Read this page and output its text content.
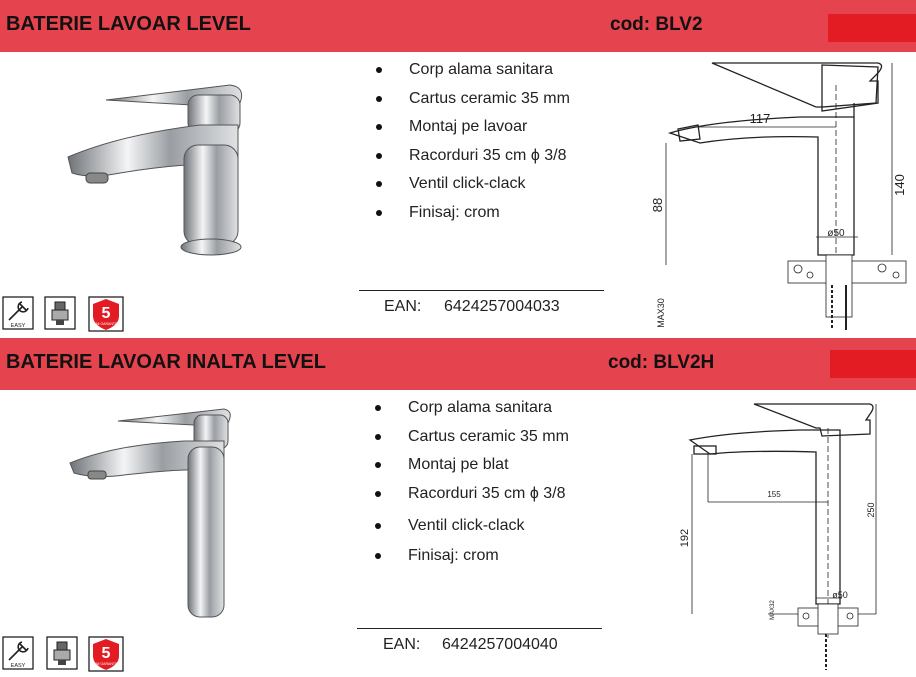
BATERIE LAVOAR LEVEL	cod: BLV2
EASY
5
ANI GARANTIE
Corp alama sanitara
Cartus ceramic 35 mm
Montaj pe lavoar
Racorduri 35 cm ϕ 3/8
Ventil click-clack
Finisaj: crom
EAN: 6424257004033
117
140
88
ø50
MAX30
BATERIE LAVOAR INALTA LEVEL	cod: BLV2H
EASY
5
ANI GARANTIE
Corp alama sanitara
Cartus ceramic 35 mm
Montaj pe blat
Racorduri 35 cm ϕ 3/8
Ventil click-clack
Finisaj: crom
EAN: 6424257004040
155
250
192
ø50
MAX32
